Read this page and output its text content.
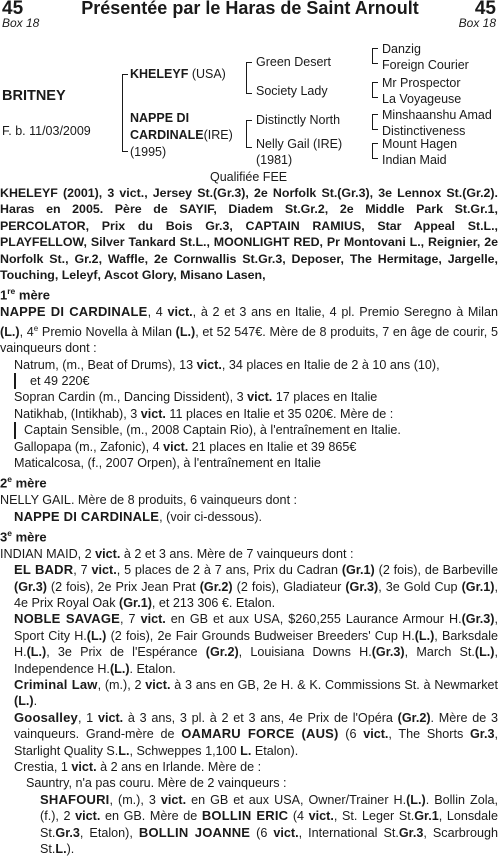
45	Présentée par le Haras de Saint Arnoult	45
Box 18	Box 18
BRITNEY
F. b. 11/03/2009
KHELEYF (USA)
NAPPE DI
CARDINALE(IRE)
(1995)
Green Desert
Society Lady
Distinctly North
Nelly Gail (IRE)
(1981)
Danzig
Foreign Courier
Mr Prospector
La Voyageuse
Minshaanshu Amad
Distinctiveness
Mount Hagen
Indian Maid
Qualifiée FEE

KHELEYF (2001), 3 vict., Jersey St.(Gr.3), 2e Norfolk St.(Gr.3), 3e Lennox St.(Gr.2). Haras en 2005. Père de SAYIF, Diadem St.Gr.2, 2e Middle Park St.Gr.1, PERCOLATOR, Prix du Bois Gr.3, CAPTAIN RAMIUS, Star Appeal St.L., PLAYFELLOW, Silver Tankard St.L., MOONLIGHT RED, Pr Montovani L., Reignier, 2e Norfolk St., Gr.2, Waffle, 2e Cornwallis St.Gr.3, Deposer, The Hermitage, Jargelle, Touching, Leleyf, Ascot Glory, Misano Lasen,

1re mère

NAPPE DI CARDINALE, 4 vict., à 2 et 3 ans en Italie, 4 pl. Premio Seregno à Milan (L.), 4e Premio Novella à Milan (L.), et 52 547€. Mère de 8 produits, 7 en âge de courir, 5 vainqueurs dont :

Natrum, (m., Beat of Drums), 13 vict., 34 places en Italie de 2 à 10 ans (10),

et 49 220€

Sopran Cardin (m., Dancing Dissident), 3 vict. 17 places en Italie

Natikhab, (Intikhab), 3 vict. 11 places en Italie et 35 020€. Mère de :

Captain Sensible, (m., 2008 Captain Rio), à l'entraînement en Italie.

Gallopapa (m., Zafonic), 4 vict. 21 places en Italie et 39 865€

Maticalcosa, (f., 2007 Orpen), à l'entraînement en Italie

2e mère

NELLY GAIL. Mère de 8 produits, 6 vainqueurs dont :

NAPPE DI CARDINALE, (voir ci-dessous).

3e mère

INDIAN MAID, 2 vict. à 2 et 3 ans. Mère de 7 vainqueurs dont :

EL BADR, 7 vict., 5 places de 2 à 7 ans, Prix du Cadran (Gr.1) (2 fois), de Barbeville (Gr.3) (2 fois), 2e Prix Jean Prat (Gr.2) (2 fois), Gladiateur (Gr.3), 3e Gold Cup (Gr.1), 4e Prix Royal Oak (Gr.1), et 213 306 €. Etalon.

NOBLE SAVAGE, 7 vict. en GB et aux USA, $260,255 Laurance Armour H.(Gr.3), Sport City H.(L.) (2 fois), 2e Fair Grounds Budweiser Breeders' Cup H.(L.), Barksdale H.(L.), 3e Prix de l'Espérance (Gr.2), Louisiana Downs H.(Gr.3), March St.(L.), Independence H.(L.). Etalon.

Criminal Law, (m.), 2 vict. à 3 ans en GB, 2e H. & K. Commissions St. à Newmarket (L.).

Goosalley, 1 vict. à 3 ans, 3 pl. à 2 et 3 ans, 4e Prix de l'Opéra (Gr.2). Mère de 3 vainqueurs. Grand-mère de OAMARU FORCE (AUS) (6 vict., The Shorts Gr.3, Starlight Quality S.L., Schweppes 1,100 L. Etalon).

Crestia, 1 vict. à 2 ans en Irlande. Mère de :

Sauntry, n'a pas couru. Mère de 2 vainqueurs :

SHAFOURI, (m.), 3 vict. en GB et aux USA, Owner/Trainer H.(L.). Bollin Zola, (f.), 2 vict. en GB. Mère de BOLLIN ERIC (4 vict., St. Leger St.Gr.1, Lonsdale St.Gr.3, Etalon), BOLLIN JOANNE (6 vict., International St.Gr.3, Scarbrough St.L.).
